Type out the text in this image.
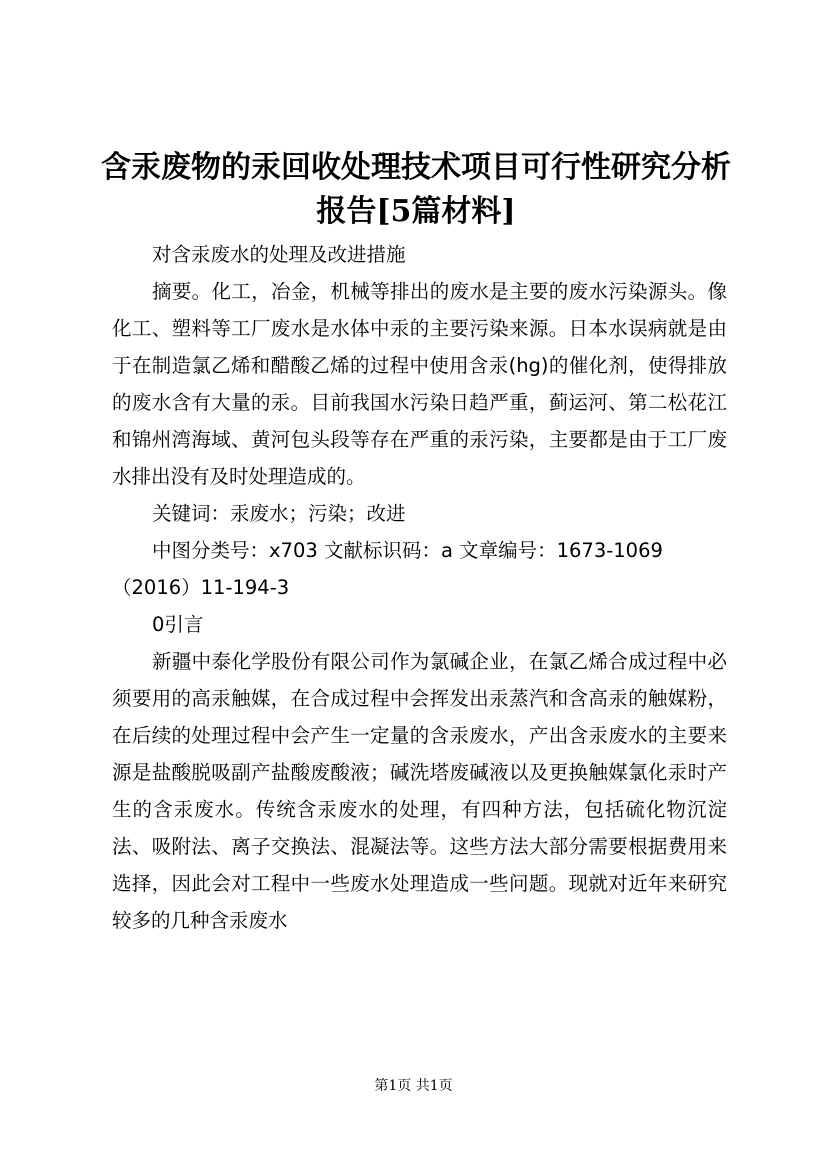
含汞废物的汞回收处理技术项目可行性研究分析报告[5篇材料]

对含汞废水的处理及改进措施

摘要。化工，冶金，机械等排出的废水是主要的废水污染源头。像化工、塑料等工厂废水是水体中汞的主要污染来源。日本水误病就是由于在制造氯乙烯和醋酸乙烯的过程中使用含汞(hg)的催化剂，使得排放的废水含有大量的汞。目前我国水污染日趋严重，蓟运河、第二松花江和锦州湾海域、黄河包头段等存在严重的汞污染，主要都是由于工厂废水排出没有及时处理造成的。

关键词：汞废水；污染；改进

中图分类号：x703 文献标识码：a 文章编号：1673-1069（2016）11-194-3

0引言

新疆中泰化学股份有限公司作为氯碱企业，在氯乙烯合成过程中必须要用的高汞触媒，在合成过程中会挥发出汞蒸汽和含高汞的触媒粉，在后续的处理过程中会产生一定量的含汞废水，产出含汞废水的主要来源是盐酸脱吸副产盐酸废酸液；碱洗塔废碱液以及更换触媒氯化汞时产生的含汞废水。传统含汞废水的处理，有四种方法，包括硫化物沉淀法、吸附法、离子交换法、混凝法等。这些方法大部分需要根据费用来选择，因此会对工程中一些废水处理造成一些问题。现就对近年来研究较多的几种含汞废水

第1页 共1页
